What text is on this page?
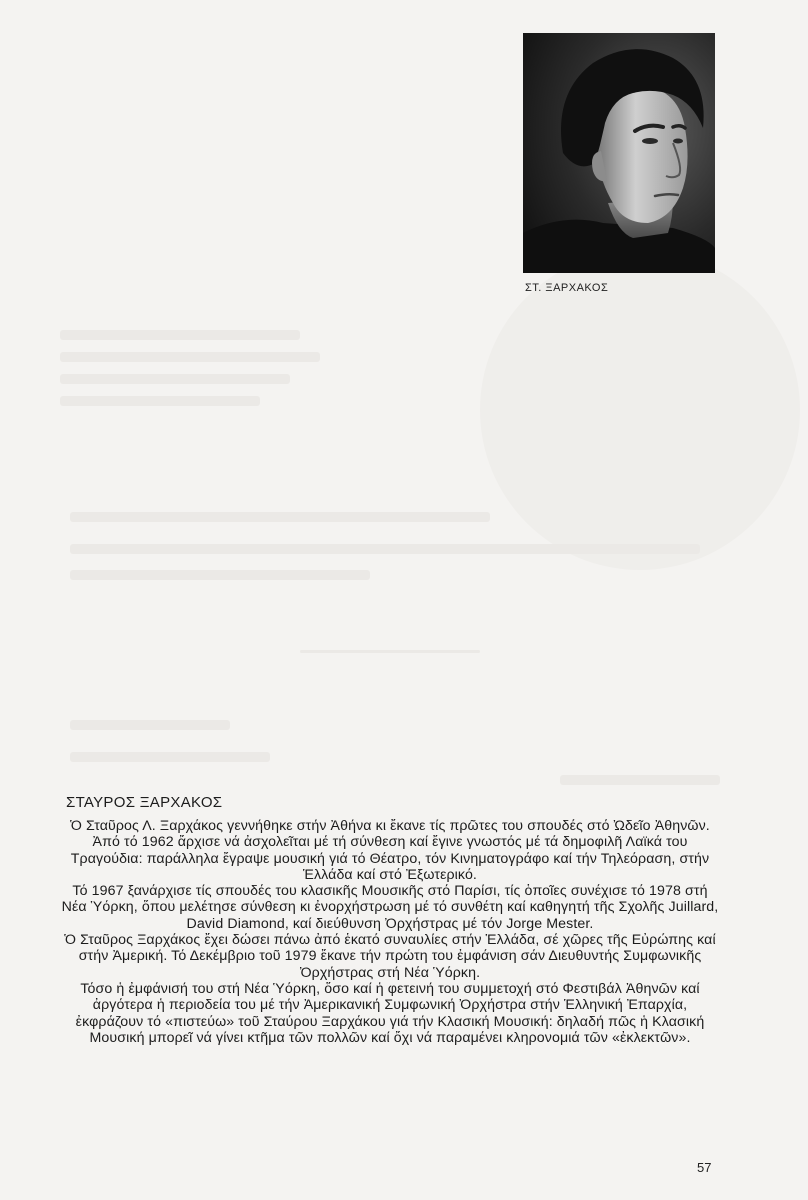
ΣΤ. ΞΑΡΧΑΚΟΣ
ΣΤΑΥΡΟΣ ΞΑΡΧΑΚΟΣ

Ὁ Σταῦρος Λ. Ξαρχάκος γεννήθηκε στήν Ἀθήνα κι ἔκανε τίς πρῶτες του σπουδές στό Ὠδεῖο Ἀθηνῶν. Ἀπό τό 1962 ἄρχισε νά ἀσχολεῖται μέ τή σύνθεση καί ἔγινε γνωστός μέ τά δημοφιλῆ Λαϊκά του Τραγούδια: παράλληλα ἔγραψε μουσική γιά τό Θέατρο, τόν Κινηματογράφο καί τήν Τηλεόραση, στήν Ἑλλάδα καί στό Ἐξωτερικό.

Τό 1967 ξανάρχισε τίς σπουδές του κλασικῆς Μουσικῆς στό Παρίσι, τίς ὁποῖες συνέχισε τό 1978 στή Νέα Ὑόρκη, ὅπου μελέτησε σύνθεση κι ἐνορχήστρωση μέ τό συνθέτη καί καθηγητή τῆς Σχολῆς Juillard, David Diamond, καί διεύθυνση Ὀρχήστρας μέ τόν Jorge Mester.

Ὁ Σταῦρος Ξαρχάκος ἔχει δώσει πάνω ἀπό ἑκατό συναυλίες στήν Ἑλλάδα, σέ χῶρες τῆς Εὐρώπης καί στήν Ἀμερική. Τό Δεκέμβριο τοῦ 1979 ἔκανε τήν πρώτη του ἐμφάνιση σάν Διευθυντής Συμφωνικῆς Ὀρχήστρας στή Νέα Ὑόρκη.

Τόσο ἡ ἐμφάνισή του στή Νέα Ὑόρκη, ὅσο καί ἡ φετεινή του συμμετοχή στό Φεστιβάλ Ἀθηνῶν καί ἀργότερα ἡ περιοδεία του μέ τήν Ἀμερικανική Συμφωνική Ὀρχήστρα στήν Ἑλληνική Ἐπαρχία, ἐκφράζουν τό «πιστεύω» τοῦ Σταύρου Ξαρχάκου γιά τήν Κλασική Μουσική: δηλαδή πῶς ἡ Κλασική Μουσική μπορεῖ νά γίνει κτῆμα τῶν πολλῶν καί ὄχι νά παραμένει κληρονομιά τῶν «ἐκλεκτῶν».

57
